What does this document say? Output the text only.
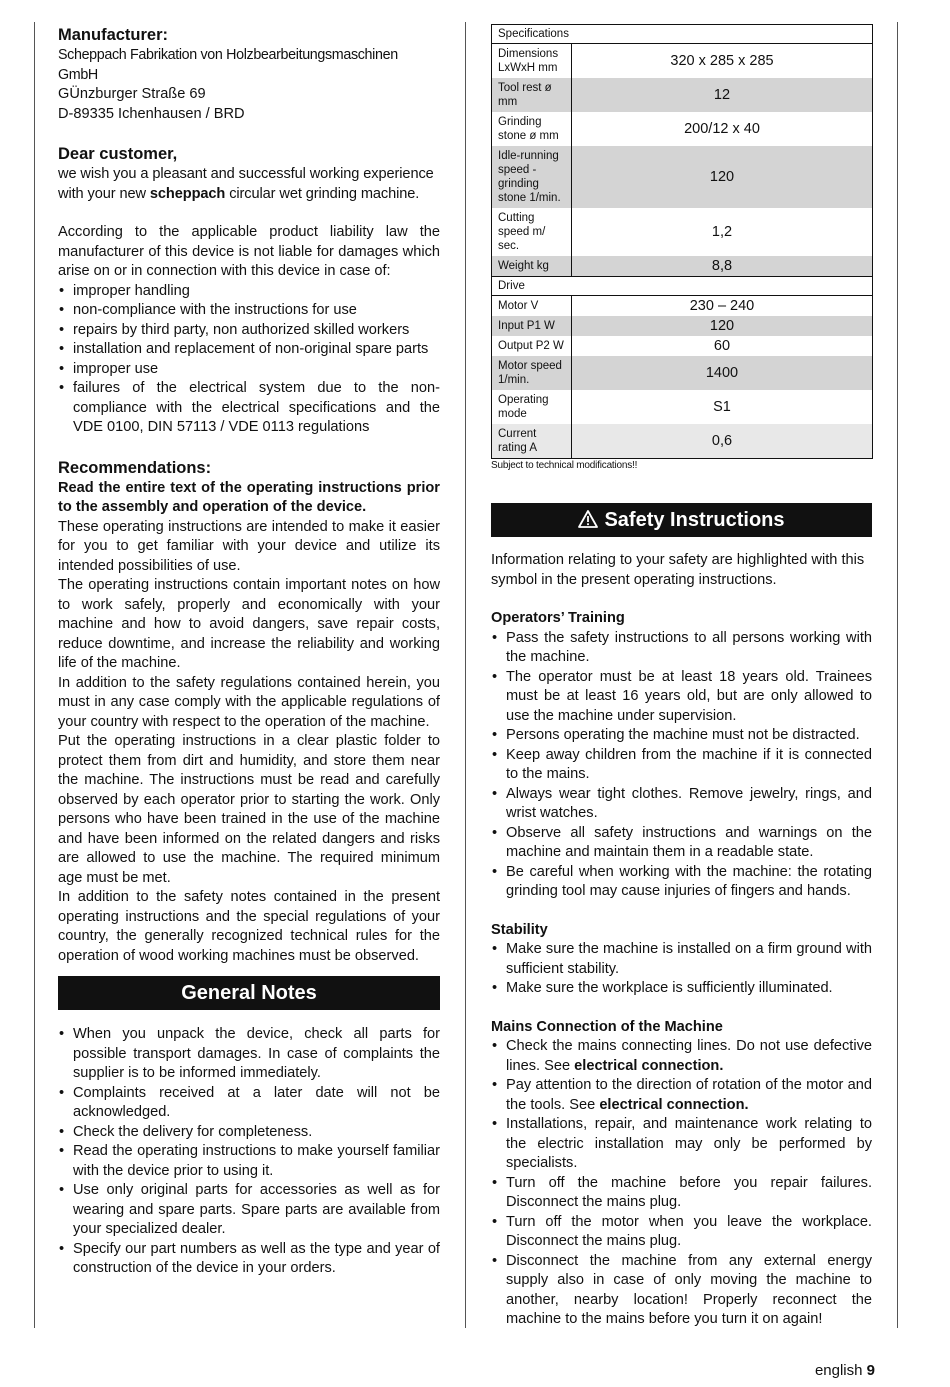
Manufacturer:

Scheppach Fabrikation von Holzbearbeitungsmaschinen GmbH

GÜnzburger Straße 69

D-89335 Ichenhausen / BRD

Dear customer,

we wish you a pleasant and successful working experience with your new scheppach circular wet grinding machine.

According to the applicable product liability law the manufacturer of this device is not liable for damages which arise on or in connection with this device in case of:

• improper handling
• non-compliance with the instructions for use
• repairs by third party, non authorized skilled workers
• installation and replacement of non-original spare parts
• improper use
• failures of the electrical system due to the non-compliance with the electrical specifications and the VDE 0100, DIN 57113 / VDE 0113 regulations
Recommendations:

Read the entire text of the operating instructions prior to the assembly and operation of the device.

These operating instructions are intended to make it easier for you to get familiar with your device and utilize its intended possibilities of use.

The operating instructions contain important notes on how to work safely, properly and economically with your machine and how to avoid dangers, save repair costs, reduce downtime, and increase the reliability and working life of the machine.

In addition to the safety regulations contained herein, you must in any case comply with the applicable regulations of your country with respect to the operation of the machine.

Put the operating instructions in a clear plastic folder to protect them from dirt and humidity, and store them near the machine. The instructions must be read and carefully observed by each operator prior to starting the work. Only persons who have been trained in the use of the machine and have been informed on the related dangers and risks are allowed to use the machine. The required minimum age must be met.

In addition to the safety notes contained in the present operating instructions and the special regulations of your country, the generally recognized technical rules for the operation of wood working machines must be observed.

General Notes
• When you unpack the device, check all parts for possible transport damages. In case of complaints the supplier is to be informed immediately.
• Complaints received at a later date will not be acknowledged.
• Check the delivery for completeness.
• Read the operating instructions to make yourself familiar with the device prior to using it.
• Use only original parts for accessories as well as for wearing and spare parts. Spare parts are available from your specialized dealer.
• Specify our part numbers as well as the type and year of construction of the device in your orders.
Specifications	
Dimensions LxWxH mm	320 x 285 x 285
Tool rest ø mm	12
Grinding stone ø mm	200/12 x 40
Idle-running speed - grinding stone 1/min.	120
Cutting speed m/ sec.	1,2
Weight kg	8,8
Drive	
Motor V	230 – 240
Input P1 W	120
Output P2 W	60
Motor speed 1/min.	1400
Operating mode	S1
Current rating A	0,6
Subject to technical modifications!!
Safety Instructions

Information relating to your safety are highlighted with this symbol in the present operating instructions.

Operators’ Training
• Pass the safety instructions to all persons working with the machine.
• The operator must be at least 18 years old. Trainees must be at least 16 years old, but are only allowed to use the machine under supervision.
• Persons operating the machine must not be distracted.
• Keep away children from the machine if it is connected to the mains.
• Always wear tight clothes. Remove jewelry, rings, and wrist watches.
• Observe all safety instructions and warnings on the machine and maintain them in a readable state.
• Be careful when working with the machine: the rotating grinding tool may cause injuries of fingers and hands.
Stability
• Make sure the machine is installed on a firm ground with sufficient stability.
• Make sure the workplace is sufficiently illuminated.
Mains Connection of the Machine
• Check the mains connecting lines. Do not use defective lines. See electrical connection.
• Pay attention to the direction of rotation of the motor and the tools. See electrical connection.
• Installations, repair, and maintenance work relating to the electric installation may only be performed by specialists.
• Turn off the machine before you repair failures. Disconnect the mains plug.
• Turn off the motor when you leave the workplace. Disconnect the mains plug.
• Disconnect the machine from any external energy supply also in case of only moving the machine to another, nearby location! Properly reconnect the machine to the mains before you turn it on again!
english 9
